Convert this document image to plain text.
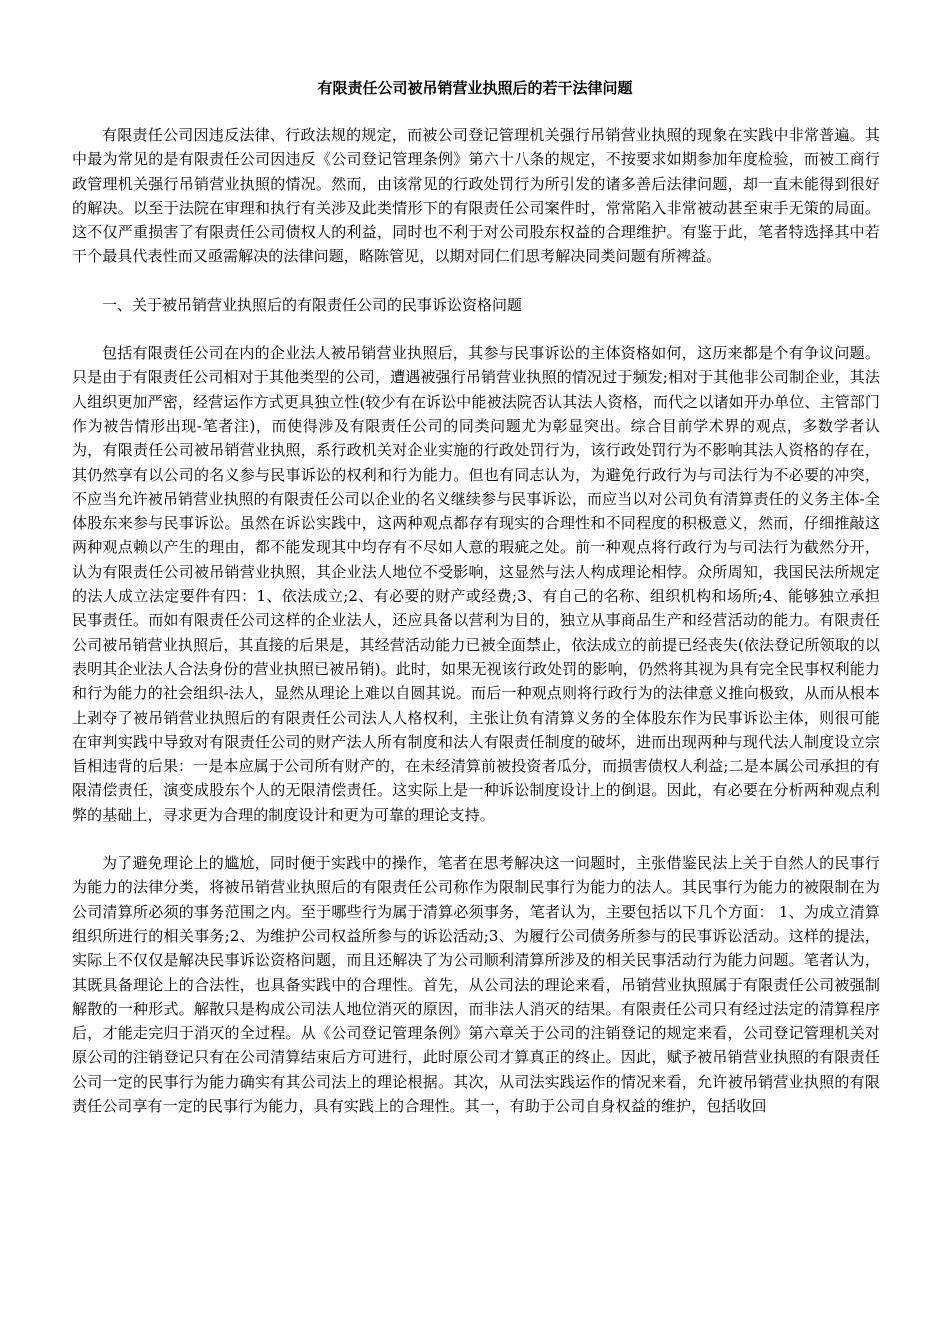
有限责任公司被吊销营业执照后的若干法律问题

有限责任公司因违反法律、行政法规的规定，而被公司登记管理机关强行吊销营业执照的现象在实践中非常普遍。其中最为常见的是有限责任公司因违反《公司登记管理条例》第六十八条的规定，不按要求如期参加年度检验，而被工商行政管理机关强行吊销营业执照的情况。然而，由该常见的行政处罚行为所引发的诸多善后法律问题，却一直未能得到很好的解决。以至于法院在审理和执行有关涉及此类情形下的有限责任公司案件时，常常陷入非常被动甚至束手无策的局面。这不仅严重损害了有限责任公司债权人的利益，同时也不利于对公司股东权益的合理维护。有鉴于此，笔者特选择其中若干个最具代表性而又亟需解决的法律问题，略陈管见，以期对同仁们思考解决同类问题有所裨益。

一、关于被吊销营业执照后的有限责任公司的民事诉讼资格问题

包括有限责任公司在内的企业法人被吊销营业执照后，其参与民事诉讼的主体资格如何，这历来都是个有争议问题。只是由于有限责任公司相对于其他类型的公司，遭遇被强行吊销营业执照的情况过于频发;相对于其他非公司制企业，其法人组织更加严密，经营运作方式更具独立性(较少有在诉讼中能被法院否认其法人资格，而代之以诸如开办单位、主管部门作为被告情形出现-笔者注)，而使得涉及有限责任公司的同类问题尤为彰显突出。综合目前学术界的观点，多数学者认为，有限责任公司被吊销营业执照，系行政机关对企业实施的行政处罚行为，该行政处罚行为不影响其法人资格的存在，其仍然享有以公司的名义参与民事诉讼的权利和行为能力。但也有同志认为，为避免行政行为与司法行为不必要的冲突，不应当允许被吊销营业执照的有限责任公司以企业的名义继续参与民事诉讼，而应当以对公司负有清算责任的义务主体-全体股东来参与民事诉讼。虽然在诉讼实践中，这两种观点都存有现实的合理性和不同程度的积极意义，然而，仔细推敲这两种观点赖以产生的理由，都不能发现其中均存有不尽如人意的瑕疵之处。前一种观点将行政行为与司法行为截然分开，认为有限责任公司被吊销营业执照，其企业法人地位不受影响，这显然与法人构成理论相悖。众所周知，我国民法所规定的法人成立法定要件有四：1、依法成立;2、有必要的财产或经费;3、有自己的名称、组织机构和场所;4、能够独立承担民事责任。而如有限责任公司这样的企业法人，还应具备以营利为目的，独立从事商品生产和经营活动的能力。有限责任公司被吊销营业执照后，其直接的后果是，其经营活动能力已被全面禁止，依法成立的前提已经丧失(依法登记所领取的以表明其企业法人合法身份的营业执照已被吊销)。此时，如果无视该行政处罚的影响，仍然将其视为具有完全民事权利能力和行为能力的社会组织-法人，显然从理论上难以自圆其说。而后一种观点则将行政行为的法律意义推向极致，从而从根本上剥夺了被吊销营业执照后的有限责任公司法人人格权利，主张让负有清算义务的全体股东作为民事诉讼主体，则很可能在审判实践中导致对有限责任公司的财产法人所有制度和法人有限责任制度的破坏，进而出现两种与现代法人制度设立宗旨相违背的后果：一是本应属于公司所有财产的，在未经清算前被投资者瓜分，而损害债权人利益;二是本属公司承担的有限清偿责任，演变成股东个人的无限清偿责任。这实际上是一种诉讼制度设计上的倒退。因此，有必要在分析两种观点利弊的基础上，寻求更为合理的制度设计和更为可靠的理论支持。

为了避免理论上的尴尬，同时便于实践中的操作，笔者在思考解决这一问题时，主张借鉴民法上关于自然人的民事行为能力的法律分类，将被吊销营业执照后的有限责任公司称作为限制民事行为能力的法人。其民事行为能力的被限制在为公司清算所必须的事务范围之内。至于哪些行为属于清算必须事务，笔者认为，主要包括以下几个方面： 1、为成立清算组织所进行的相关事务;2、为维护公司权益所参与的诉讼活动;3、为履行公司债务所参与的民事诉讼活动。这样的提法，实际上不仅仅是解决民事诉讼资格问题，而且还解决了为公司顺利清算所涉及的相关民事活动行为能力问题。笔者认为，其既具备理论上的合法性，也具备实践中的合理性。首先，从公司法的理论来看，吊销营业执照属于有限责任公司被强制解散的一种形式。解散只是构成公司法人地位消灭的原因，而非法人消灭的结果。有限责任公司只有经过法定的清算程序后，才能走完归于消灭的全过程。从《公司登记管理条例》第六章关于公司的注销登记的规定来看，公司登记管理机关对原公司的注销登记只有在公司清算结束后方可进行，此时原公司才算真正的终止。因此，赋予被吊销营业执照的有限责任公司一定的民事行为能力确实有其公司法上的理论根据。其次，从司法实践运作的情况来看，允许被吊销营业执照的有限责任公司享有一定的民事行为能力，具有实践上的合理性。其一，有助于公司自身权益的维护，包括收回
